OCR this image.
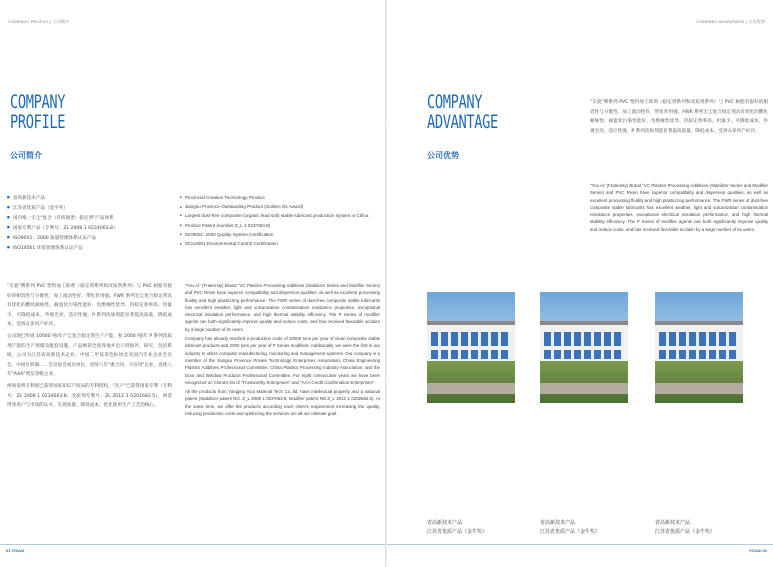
COMPANY PROFILE | 公司简介
COMPANY
PROFILE
公司简介
■ 省高新技术产品
■ 江苏省优质产品（金牛奖）
■ 国内唯一无尘"复合（有机锡类）稳定剂"产品体系
■ 国家专利产品（专利号：ZL 2008 1 0234063.8）
■ ISO9001：2000 质量管理体系认证产品
■ ISO14001 环境管理体系认证产品
■ Provincial Creative Technology Product
■ Jiangsu Province Outstanding Product (Golden Ox Award)
■ Largest dust-free composite (organic lead salt) stable lubricant production system in China
■ Product Patent (number:Z_L 1 023*063.8)
■ ISO9001: 2000 Quality System Certification
■ ISO14001 Environmental Control Certification

"友爱"牌系列 PVC 塑料加工助剂（稳定剂系列和改质剂系列）与 PVC 树脂有很好的相容性与分散性，加工流动性好，带化作用强。FWR 系列无尘复合稳定剂具有优化的酸化耐候性、耐湿化污染性能好、电绝缘性优异、热稳定效率高、用量少、可降低成本、外观光亮、适应性强。P 系列改质剂能显著提高质量，降低成本，受到众多用户好评。

公司现已形成 10000 吨/年产尘复合稳定剂生产产能，和 2000 吨/年 P 系列改质剂产能的生产规模及配套设施，产品畅销全国各地并出口到海外，研究，包括系统、公司为江苏省高新技术企业、中国二甲基苯色标协会及国内专业企业会员会、中国有机锡……会及协会成员单位，连续八年"重合同、守信用"企业，连续八年"AAA"资信等级企业。

两项发明专利现已获得国家知识产权局的专利授权，"友产"已获得国家专利（专利号：ZL 2008 1 0234063.8；改质剂专利号：ZL 2012 1 0202682.5），两者得到用户与市场的认可。实现质量、降低成本，优化使用生产工艺的核心。

"You Ai" (Fraternity) Brand "VC Plastics Processing Additives (Stabilizer Series and Modifier Series) and PVC Resin have superior compatibility and dispersion qualities, as well as excellent processing fluidity and high plasticizing performance. The FWR series of dust-free composite stable lubricants has excellent weather, light and vulcanization contamination resistance properties, exceptional electrical insulation performance, and high thermal stability efficiency. The P Series of modifier agents can both significantly improve quality and reduce costs, and has received favorable acclaim by a large number of its users.

Company has already reached a production scale of 10000 tons per year of clean composite stable lubricant products and 2000 tons per year of P Series modifiers. Additionally, we were the first in our industry to utilize computer manufacturing, monitoring and management systems. Our company is a member of the Jiangsu Province Private Technology Enterprises Association, China Engineering Plastics Additives Professional Committee, China Plastics Processing Industry Association, and the Door and Window Products Professional Committee. For eight consecutive years we have been recognized on China's list of "Trustworthy Enterprises" and "AAA Credit Confirmation Enterprises".

All the products from Yangjing Youi Material Tech Co.,ltd. have intellectual property and a national patent (Stabilizer patent NO. Z_L 2008 1 023*063.8, Modifier patent NO.Z_L 2012 1 0202682.5). At the same time, we offer the products according each client's requirement increasing the quality, reducing production costs and optimizing the services are all our ultimate goal.

01 YOUAI
COMPANY ADVANTAGE | 公司优势
COMPANY
ADVANTAGE
公司优势
"友爱"牌系列 PVC 塑料加工助剂（稳定剂系列和改质剂系列）与 PVC 树脂有很好的相容性与分散性，加工流动性好，带化作用强。FWR 系列无尘复合稳定剂具有优化的酸化耐候性、耐湿化污染性能好、电绝缘性优异、热稳定效率高、用量少、可降低成本、外观光亮、适应性强。P 系列改质剂能显著提高质量，降低成本，受到众多用户好评。
"You Ai" (Fraternity) Brand "VC Plastics Processing Additives (Stabilizer Series and Modifier Series) and PVC Resin have superior compatibility and dispersion qualities, as well as excellent processing fluidity and high plasticizing performance. The FWR series of dust-free composite stable lubricants has excellent weather, light and vulcanization contamination resistance properties, exceptional electrical insulation performance, and high thermal stability efficiency. The P Series of modifier agents can both significantly improve quality and reduce costs, and has received favorable acclaim by a large number of its users.
省高新技术产品
江苏省优质产品（金牛奖）
省高新技术产品
江苏省优质产品（金牛奖）
省高新技术产品
江苏省优质产品（金牛奖）
YOUAI 02
